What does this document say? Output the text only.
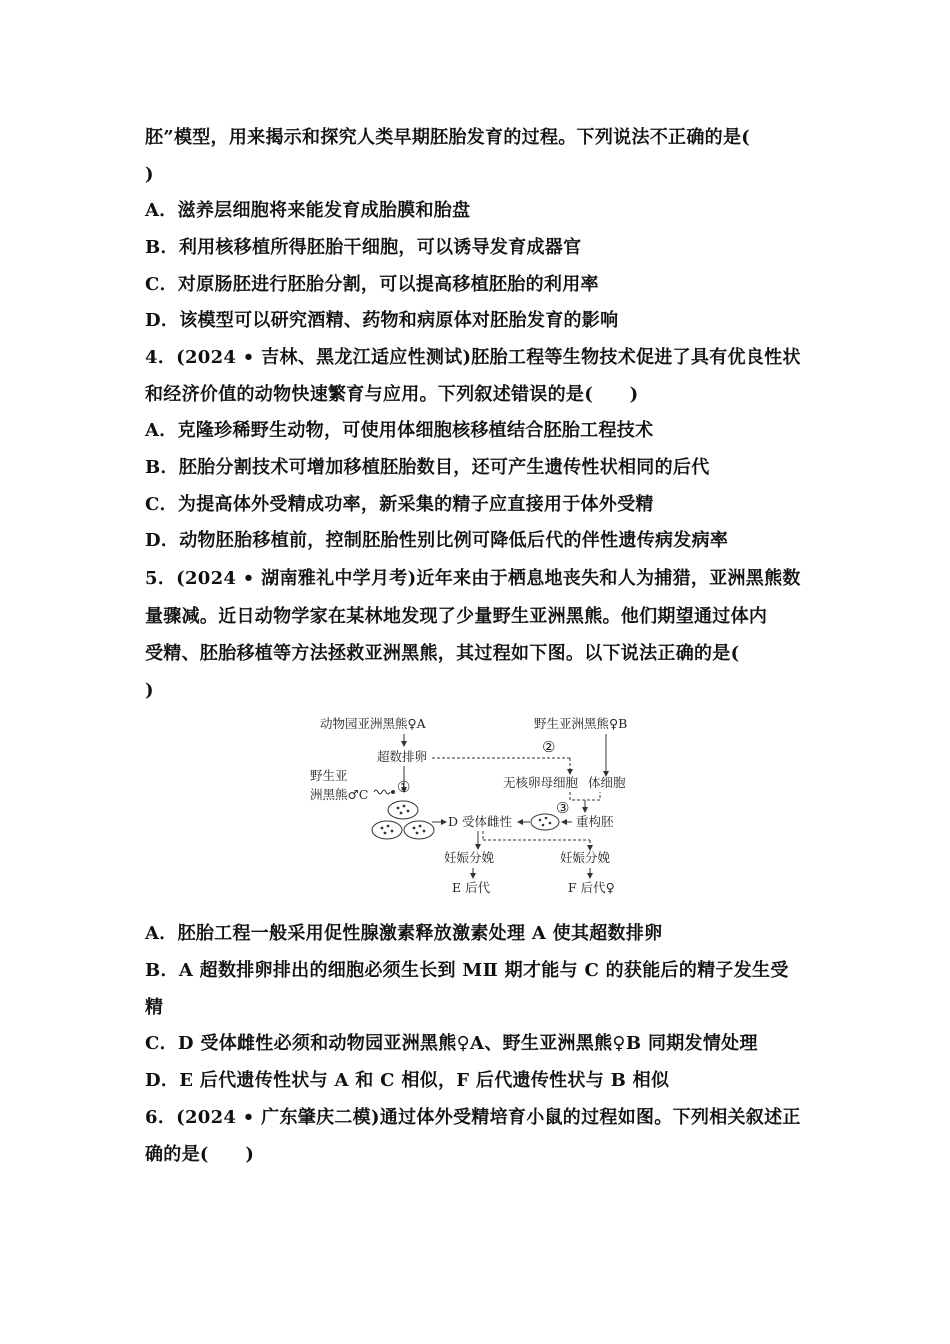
胚”模型，用来揭示和探究人类早期胚胎发育的过程。下列说法不正确的是(
)
A．滋养层细胞将来能发育成胎膜和胎盘
B．利用核移植所得胚胎干细胞，可以诱导发育成器官
C．对原肠胚进行胚胎分割，可以提高移植胚胎的利用率
D．该模型可以研究酒精、药物和病原体对胚胎发育的影响
4．(2024 • 吉林、黑龙江适应性测试)胚胎工程等生物技术促进了具有优良性状
和经济价值的动物快速繁育与应用。下列叙述错误的是(　　)
A．克隆珍稀野生动物，可使用体细胞核移植结合胚胎工程技术
B．胚胎分割技术可增加移植胚胎数目，还可产生遗传性状相同的后代
C．为提高体外受精成功率，新采集的精子应直接用于体外受精
D．动物胚胎移植前，控制胚胎性别比例可降低后代的伴性遗传病发病率
5．(2024 • 湖南雅礼中学月考)近年来由于栖息地丧失和人为捕猎，亚洲黑熊数
量骤减。近日动物学家在某林地发现了少量野生亚洲黑熊。他们期望通过体内
受精、胚胎移植等方法拯救亚洲黑熊，其过程如下图。以下说法正确的是(
)
动物园亚洲黑熊♀A	野生亚洲黑熊♀B
②
超数排卵
野生亚
洲黑熊♂C ①	无核卵母细胞 体细胞
③
D 受体雌性	重构胚
妊娠分娩	妊娠分娩
E 后代	F 后代♀
A．胚胎工程一般采用促性腺激素释放激素处理 A 使其超数排卵
B．A 超数排卵排出的细胞必须生长到 MⅡ 期才能与 C 的获能后的精子发生受
精
C．D 受体雌性必须和动物园亚洲黑熊♀A、野生亚洲黑熊♀B 同期发情处理
D．E 后代遗传性状与 A 和 C 相似，F 后代遗传性状与 B 相似
6．(2024 • 广东肇庆二模)通过体外受精培育小鼠的过程如图。下列相关叙述正
确的是(　　)
